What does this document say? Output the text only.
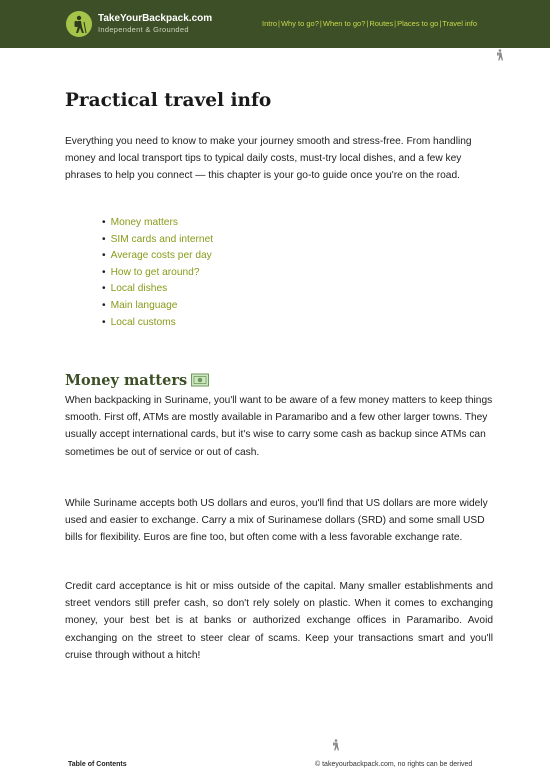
TakeYourBackpack.com
Independent & Grounded
Intro|Why to go?|When to go?|Routes|Places to go|Travel info
Practical travel info

Everything you need to know to make your journey smooth and stress-free. From handling money and local transport tips to typical daily costs, must-try local dishes, and a few key phrases to help you connect — this chapter is your go-to guide once you're on the road.

• Money matters
• SIM cards and internet
• Average costs per day
• How to get around?
• Local dishes
• Main language
• Local customs
Money matters

When backpacking in Suriname, you'll want to be aware of a few money matters to keep things smooth. First off, ATMs are mostly available in Paramaribo and a few other larger towns. They usually accept international cards, but it's wise to carry some cash as backup since ATMs can sometimes be out of service or out of cash.

While Suriname accepts both US dollars and euros, you'll find that US dollars are more widely used and easier to exchange. Carry a mix of Surinamese dollars (SRD) and some small USD bills for flexibility. Euros are fine too, but often come with a less favorable exchange rate.

Credit card acceptance is hit or miss outside of the capital. Many smaller establishments and street vendors still prefer cash, so don't rely solely on plastic. When it comes to exchanging money, your best bet is at banks or authorized exchange offices in Paramaribo. Avoid exchanging on the street to steer clear of scams. Keep your transactions smart and you'll cruise through without a hitch!

Table of Contents	© takeyourbackpack.com, no rights can be derived
